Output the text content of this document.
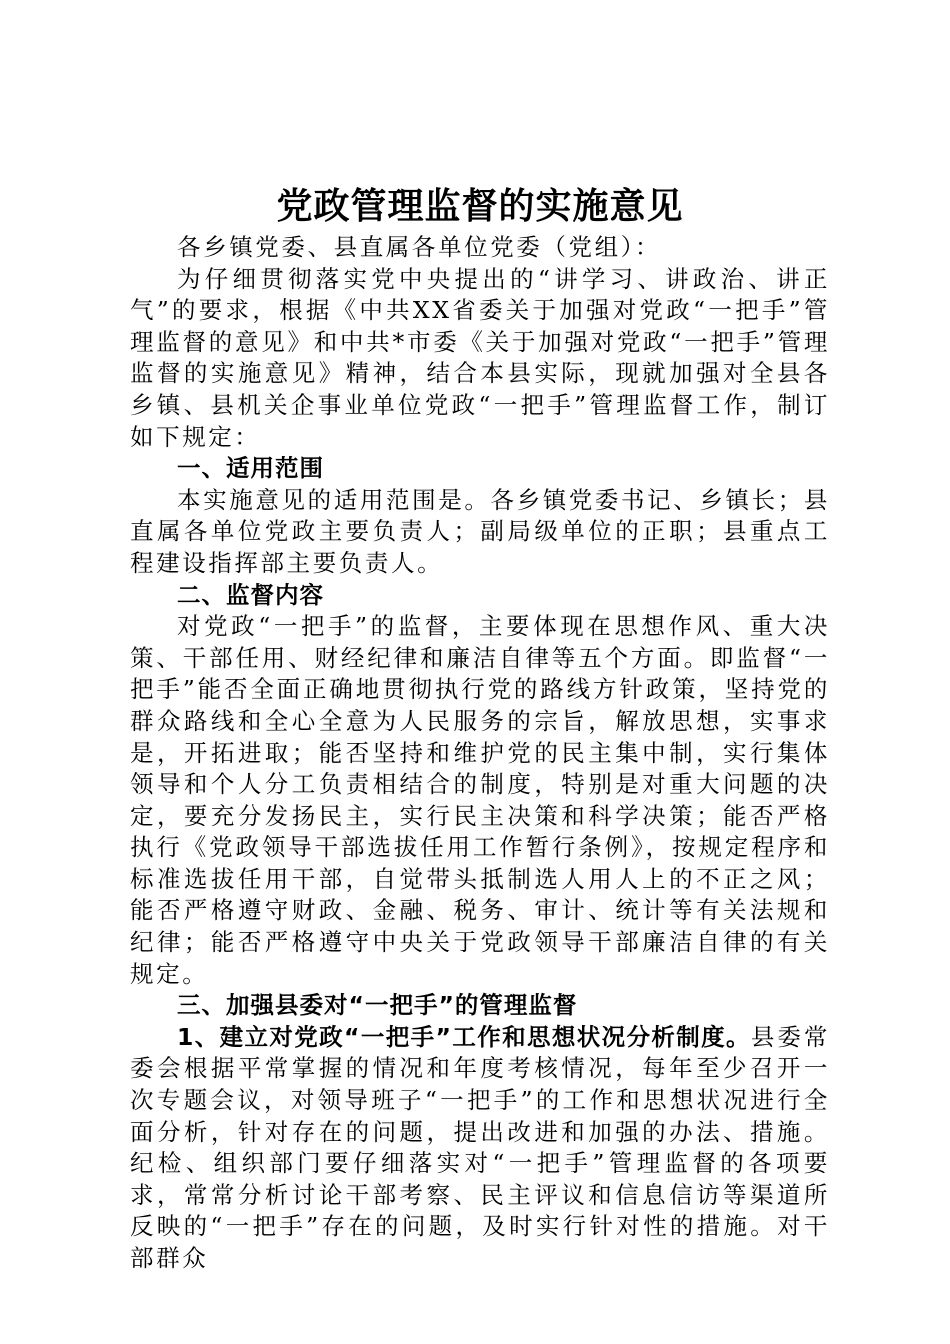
党政管理监督的实施意见

各乡镇党委、县直属各单位党委（党组）：

为仔细贯彻落实党中央提出的“讲学习、讲政治、讲正气”的要求，根据《中共XX省委关于加强对党政“一把手”管理监督的意见》和中共*市委《关于加强对党政“一把手”管理监督的实施意见》精神，结合本县实际，现就加强对全县各乡镇、县机关企事业单位党政“一把手”管理监督工作，制订如下规定：

一、适用范围

本实施意见的适用范围是。各乡镇党委书记、乡镇长；县直属各单位党政主要负责人；副局级单位的正职；县重点工程建设指挥部主要负责人。

二、监督内容

对党政“一把手”的监督，主要体现在思想作风、重大决策、干部任用、财经纪律和廉洁自律等五个方面。即监督“一把手”能否全面正确地贯彻执行党的路线方针政策，坚持党的群众路线和全心全意为人民服务的宗旨，解放思想，实事求是，开拓进取；能否坚持和维护党的民主集中制，实行集体领导和个人分工负责相结合的制度，特别是对重大问题的决定，要充分发扬民主，实行民主决策和科学决策；能否严格执行《党政领导干部选拔任用工作暂行条例》，按规定程序和标准选拔任用干部，自觉带头抵制选人用人上的不正之风；能否严格遵守财政、金融、税务、审计、统计等有关法规和纪律；能否严格遵守中央关于党政领导干部廉洁自律的有关规定。

三、加强县委对“一把手”的管理监督

1、建立对党政“一把手”工作和思想状况分析制度。县委常委会根据平常掌握的情况和年度考核情况，每年至少召开一次专题会议，对领导班子“一把手”的工作和思想状况进行全面分析，针对存在的问题，提出改进和加强的办法、措施。纪检、组织部门要仔细落实对“一把手”管理监督的各项要求，常常分析讨论干部考察、民主评议和信息信访等渠道所反映的“一把手”存在的问题，及时实行针对性的措施。对干部群众
